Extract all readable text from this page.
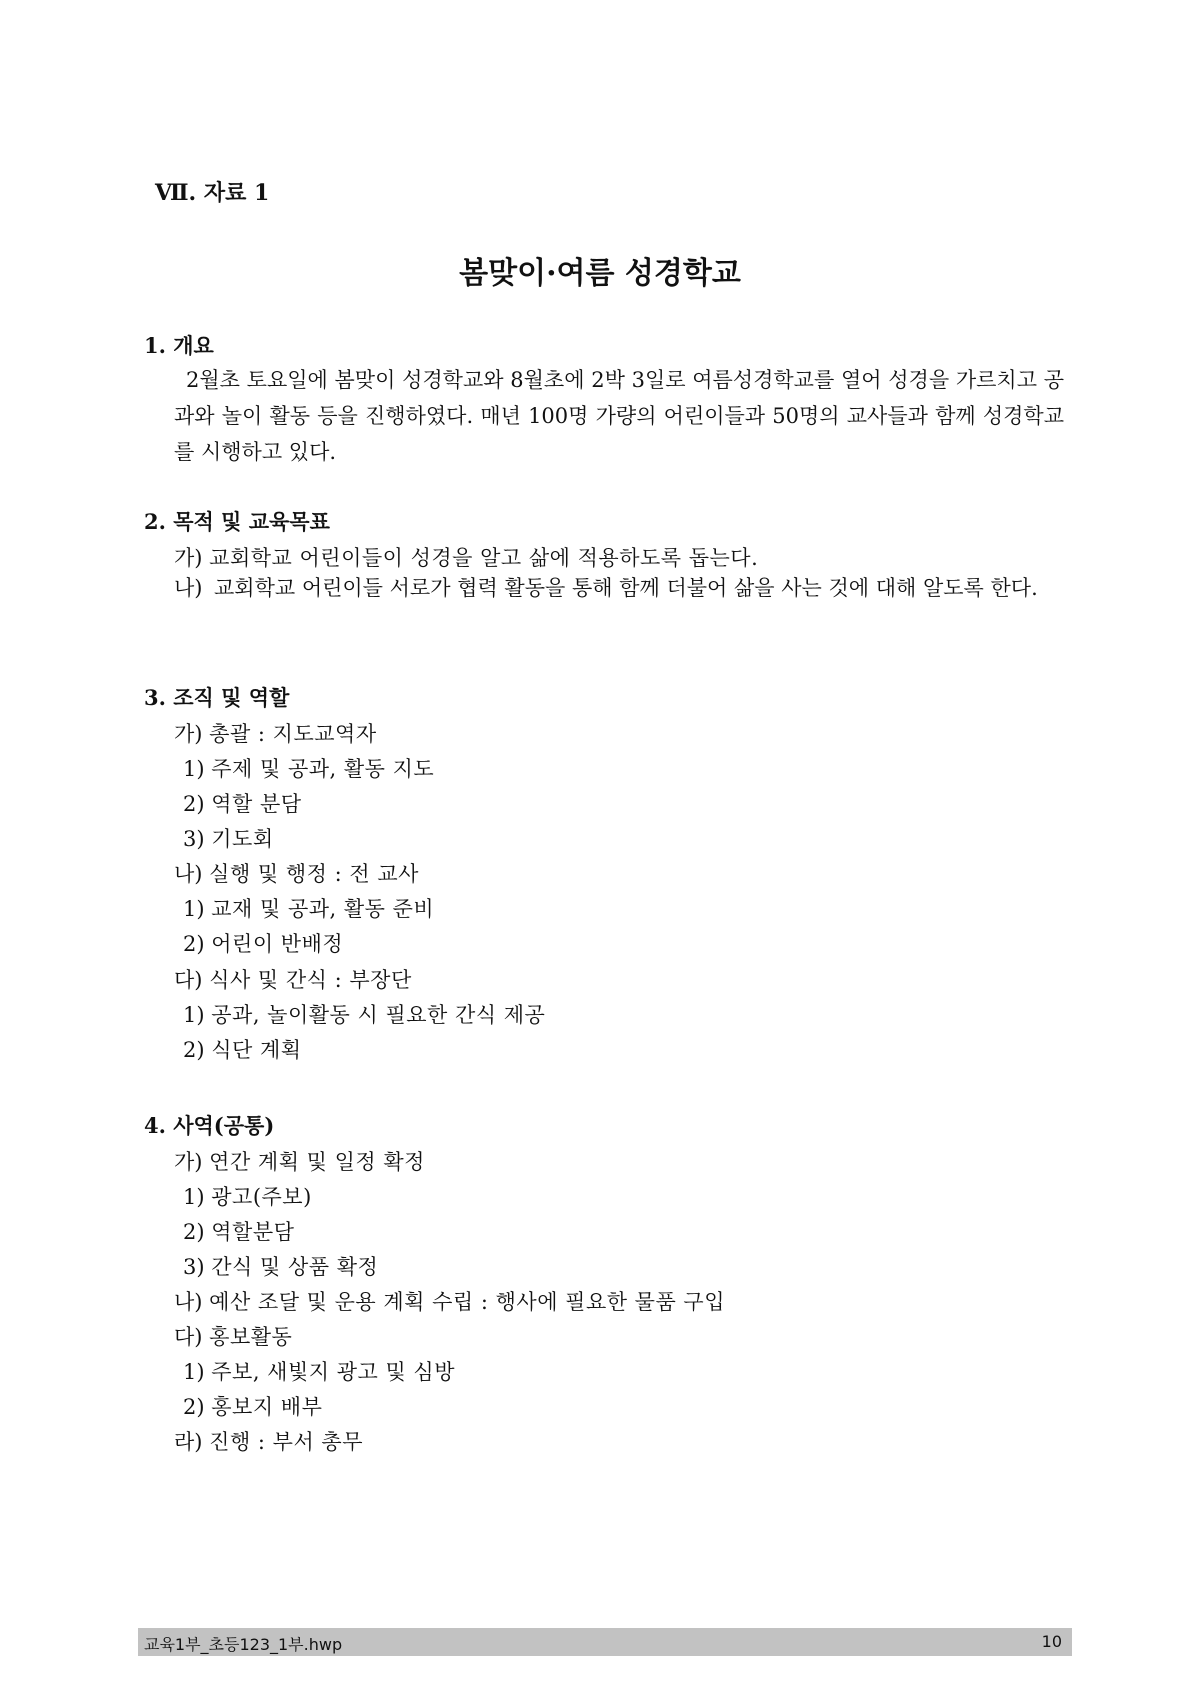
Ⅶ. 자료 1
봄맞이·여름 성경학교
1. 개요

2월초 토요일에 봄맞이 성경학교와 8월초에 2박 3일로 여름성경학교를 열어 성경을 가르치고 공과와 놀이 활동 등을 진행하였다. 매년 100명 가량의 어린이들과 50명의 교사들과 함께 성경학교를 시행하고 있다.

2. 목적 및 교육목표

가) 교회학교 어린이들이 성경을 알고 삶에 적용하도록 돕는다.

나) 교회학교 어린이들 서로가 협력 활동을 통해 함께 더불어 삶을 사는 것에 대해 알도록 한다.
3. 조직 및 역할

가) 총괄 : 지도교역자

1) 주제 및 공과, 활동 지도

2) 역할 분담

3) 기도회

나) 실행 및 행정 : 전 교사

1) 교재 및 공과, 활동 준비

2) 어린이 반배정

다) 식사 및 간식 : 부장단

1) 공과, 놀이활동 시 필요한 간식 제공

2) 식단 계획

4. 사역(공통)

가) 연간 계획 및 일정 확정

1) 광고(주보)

2) 역할분담

3) 간식 및 상품 확정

나) 예산 조달 및 운용 계획 수립 : 행사에 필요한 물품 구입

다) 홍보활동

1) 주보, 새빛지 광고 및 심방

2) 홍보지 배부

라) 진행 : 부서 총무

교육1부_초등123_1부.hwp	10
